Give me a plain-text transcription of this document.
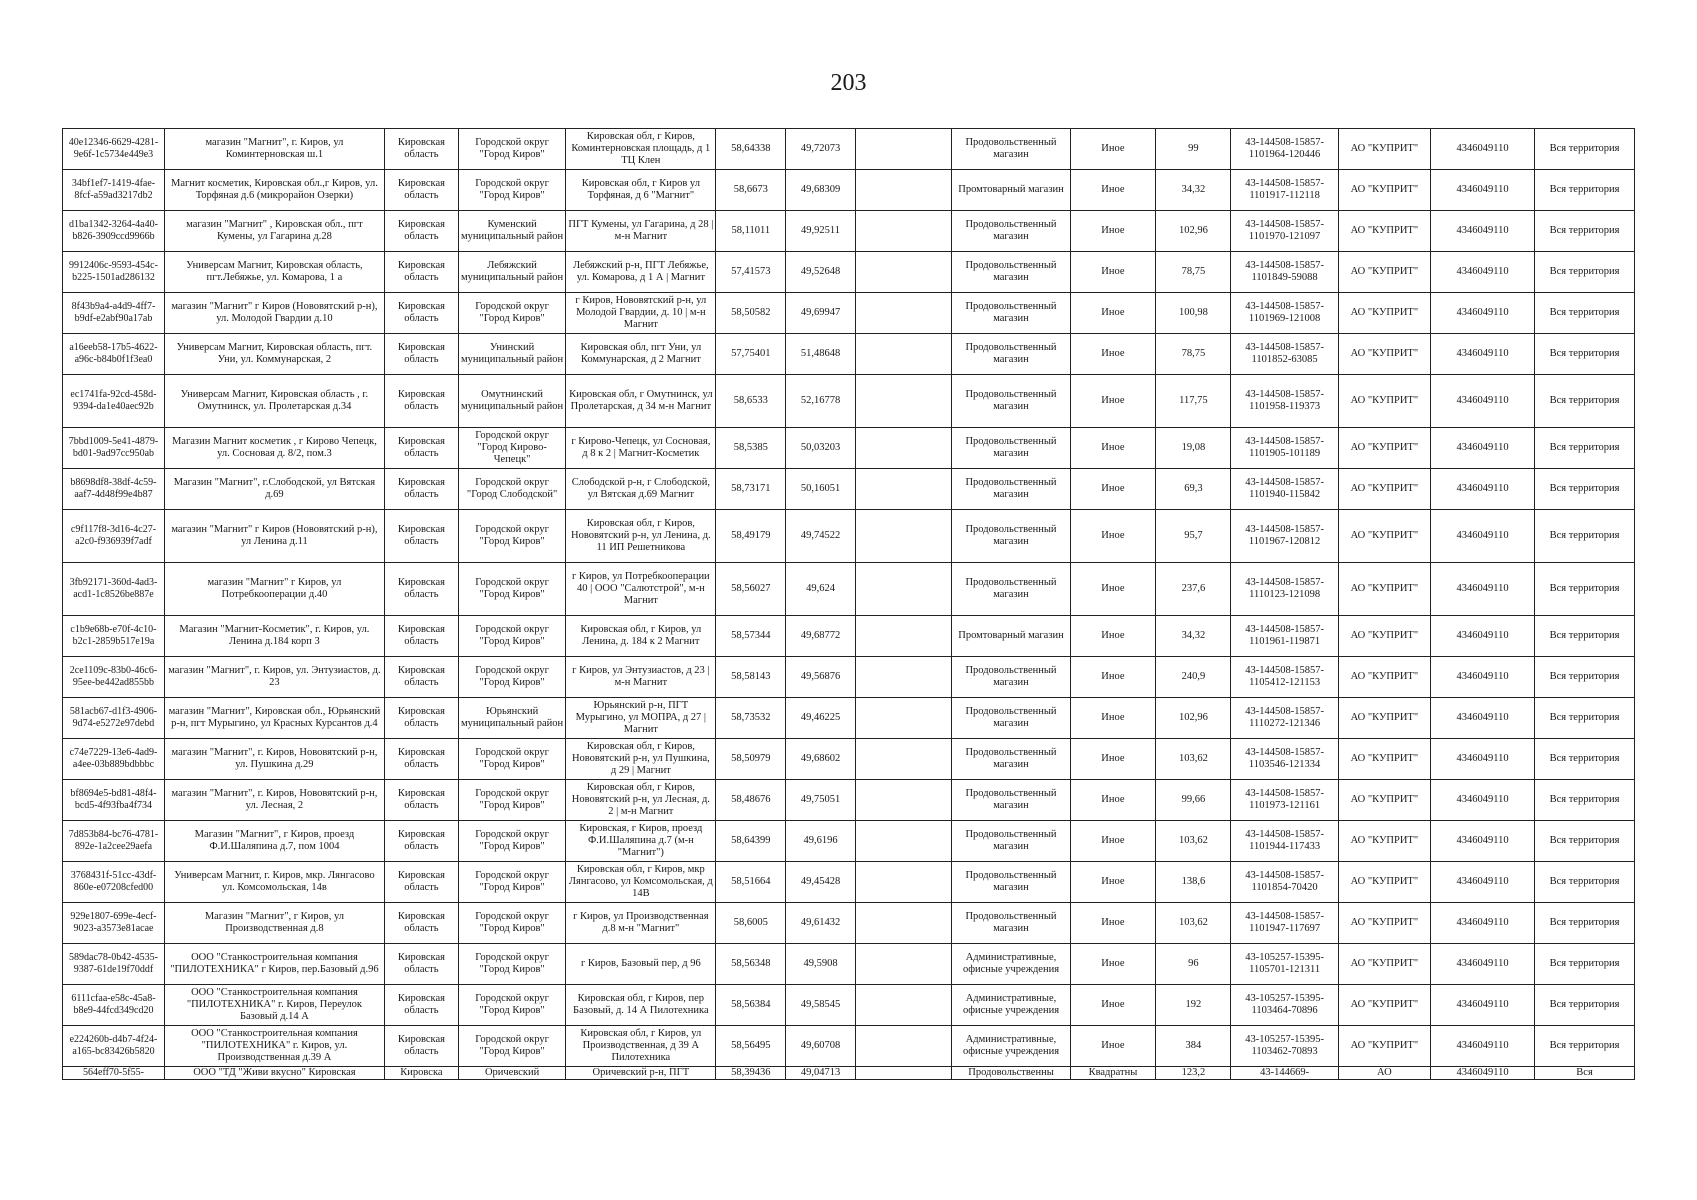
203
40e12346-6629-4281-9e6f-1c5734e449e3	магазин "Магнит", г. Киров, ул Коминтерновская ш.1	Кировская область	Городской округ "Город Киров"	Кировская обл, г Киров, Коминтерновская площадь, д 1 ТЦ Клен	58,64338	49,72073		Продовольственный магазин	Иное	99	43-144508-15857-1101964-120446	АО "КУПРИТ"	4346049110	Вся территория
34bf1ef7-1419-4fae-8fcf-a59ad3217db2	Магнит косметик, Кировская обл.,г Киров, ул. Торфяная д.6 (микрорайон Озерки)	Кировская область	Городской округ "Город Киров"	Кировская обл, г Киров ул Торфяная, д 6 "Магнит"	58,6673	49,68309		Промтоварный магазин	Иное	34,32	43-144508-15857-1101917-112118	АО "КУПРИТ"	4346049110	Вся территория
d1ba1342-3264-4a40-b826-3909ccd9966b	магазин "Магнит" , Кировская обл., пгт Кумены, ул Гагарина д.28	Кировская область	Куменский муниципальный район	ПГТ Кумены, ул Гагарина, д 28 | м-н Магнит	58,11011	49,92511		Продовольственный магазин	Иное	102,96	43-144508-15857-1101970-121097	АО "КУПРИТ"	4346049110	Вся территория
9912406c-9593-454c-b225-1501ad286132	Универсам Магнит, Кировская область, пгт.Лебяжье, ул. Комарова, 1 а	Кировская область	Лебяжский муниципальный район	Лебяжский р-н, ПГТ Лебяжье, ул. Комарова, д 1 А | Магнит	57,41573	49,52648		Продовольственный магазин	Иное	78,75	43-144508-15857-1101849-59088	АО "КУПРИТ"	4346049110	Вся территория
8f43b9a4-a4d9-4ff7-b9df-e2abf90a17ab	магазин "Магнит" г Киров (Нововятский р-н), ул. Молодой Гвардии д.10	Кировская область	Городской округ "Город Киров"	г Киров, Нововятский р-н, ул Молодой Гвардии, д. 10 | м-н Магнит	58,50582	49,69947		Продовольственный магазин	Иное	100,98	43-144508-15857-1101969-121008	АО "КУПРИТ"	4346049110	Вся территория
a16eeb58-17b5-4622-a96c-b84b0f1f3ea0	Универсам Магнит, Кировская область, пгт. Уни, ул. Коммунарская, 2	Кировская область	Унинский муниципальный район	Кировская обл, пгт Уни, ул Коммунарская, д 2 Магнит	57,75401	51,48648		Продовольственный магазин	Иное	78,75	43-144508-15857-1101852-63085	АО "КУПРИТ"	4346049110	Вся территория
ec1741fa-92cd-458d-9394-da1e40aec92b	Универсам Магнит, Кировская область , г. Омутнинск, ул. Пролетарская д.34	Кировская область	Омутнинский муниципальный район	Кировская обл, г Омутнинск, ул Пролетарская, д 34 м-н Магнит	58,6533	52,16778		Продовольственный магазин	Иное	117,75	43-144508-15857-1101958-119373	АО "КУПРИТ"	4346049110	Вся территория
7bbd1009-5e41-4879-bd01-9ad97cc950ab	Магазин Магнит косметик , г Кирово Чепецк, ул. Сосновая д. 8/2, пом.3	Кировская область	Городской округ "Город Кирово-Чепецк"	г Кирово-Чепецк, ул Сосновая, д 8 к 2 | Магнит-Косметик	58,5385	50,03203		Продовольственный магазин	Иное	19,08	43-144508-15857-1101905-101189	АО "КУПРИТ"	4346049110	Вся территория
b8698df8-38df-4c59-aaf7-4d48f99e4b87	Магазин "Магнит", г.Слободской, ул Вятская д.69	Кировская область	Городской округ "Город Слободской"	Слободской р-н, г Слободской, ул Вятская д.69 Магнит	58,73171	50,16051		Продовольственный магазин	Иное	69,3	43-144508-15857-1101940-115842	АО "КУПРИТ"	4346049110	Вся территория
c9f117f8-3d16-4c27-a2c0-f936939f7adf	магазин "Магнит" г Киров (Нововятский р-н), ул Ленина д.11	Кировская область	Городской округ "Город Киров"	Кировская обл, г Киров, Нововятский р-н, ул Ленина, д. 11 ИП Решетникова	58,49179	49,74522		Продовольственный магазин	Иное	95,7	43-144508-15857-1101967-120812	АО "КУПРИТ"	4346049110	Вся территория
3fb92171-360d-4ad3-acd1-1c8526be887e	магазин "Магнит" г Киров, ул Потребкооперации д.40	Кировская область	Городской округ "Город Киров"	г Киров, ул Потребкооперации 40 | ООО "Салютстрой", м-н Магнит	58,56027	49,624		Продовольственный магазин	Иное	237,6	43-144508-15857-1110123-121098	АО "КУПРИТ"	4346049110	Вся территория
c1b9e68b-e70f-4c10-b2c1-2859b517e19a	Магазин "Магнит-Косметик", г. Киров, ул. Ленина д.184 корп 3	Кировская область	Городской округ "Город Киров"	Кировская обл, г Киров, ул Ленина, д. 184 к 2 Магнит	58,57344	49,68772		Промтоварный магазин	Иное	34,32	43-144508-15857-1101961-119871	АО "КУПРИТ"	4346049110	Вся территория
2ce1109c-83b0-46c6-95ee-be442ad855bb	магазин "Магнит", г. Киров, ул. Энтузиастов, д. 23	Кировская область	Городской округ "Город Киров"	г Киров, ул Энтузиастов, д 23 | м-н Магнит	58,58143	49,56876		Продовольственный магазин	Иное	240,9	43-144508-15857-1105412-121153	АО "КУПРИТ"	4346049110	Вся территория
581acb67-d1f3-4906-9d74-e5272e97debd	магазин "Магнит", Кировская обл., Юрьянский р-н, пгт Мурыгино, ул Красных Курсантов д.4	Кировская область	Юрьянский муниципальный район	Юрьянский р-н, ПГТ Мурыгино, ул МОПРА, д 27 | Магнит	58,73532	49,46225		Продовольственный магазин	Иное	102,96	43-144508-15857-1110272-121346	АО "КУПРИТ"	4346049110	Вся территория
c74e7229-13e6-4ad9-a4ee-03b889bdbbbc	магазин "Магнит", г. Киров, Нововятский р-н, ул. Пушкина д.29	Кировская область	Городской округ "Город Киров"	Кировская обл, г Киров, Нововятский р-н, ул Пушкина, д 29 | Магнит	58,50979	49,68602		Продовольственный магазин	Иное	103,62	43-144508-15857-1103546-121334	АО "КУПРИТ"	4346049110	Вся территория
bf8694e5-bd81-48f4-bcd5-4f93fba4f734	магазин "Магнит", г. Киров, Нововятский р-н, ул. Лесная, 2	Кировская область	Городской округ "Город Киров"	Кировская обл, г Киров, Нововятский р-н, ул Лесная, д. 2 | м-н Магнит	58,48676	49,75051		Продовольственный магазин	Иное	99,66	43-144508-15857-1101973-121161	АО "КУПРИТ"	4346049110	Вся территория
7d853b84-bc76-4781-892e-1a2cee29aefa	Магазин "Магнит", г Киров, проезд Ф.И.Шаляпина д.7, пом 1004	Кировская область	Городской округ "Город Киров"	Кировская, г Киров, проезд Ф.И.Шаляпина д.7 (м-н "Магнит")	58,64399	49,6196		Продовольственный магазин	Иное	103,62	43-144508-15857-1101944-117433	АО "КУПРИТ"	4346049110	Вся территория
3768431f-51cc-43df-860e-e07208cfed00	Универсам Магнит, г. Киров, мкр. Лянгасово ул. Комсомольская, 14в	Кировская область	Городской округ "Город Киров"	Кировская обл, г Киров, мкр Лянгасово, ул Комсомольская, д 14В	58,51664	49,45428		Продовольственный магазин	Иное	138,6	43-144508-15857-1101854-70420	АО "КУПРИТ"	4346049110	Вся территория
929e1807-699e-4ecf-9023-a3573e81acae	Магазин "Магнит", г Киров, ул Производственная д.8	Кировская область	Городской округ "Город Киров"	г Киров, ул Производственная д.8 м-н "Магнит"	58,6005	49,61432		Продовольственный магазин	Иное	103,62	43-144508-15857-1101947-117697	АО "КУПРИТ"	4346049110	Вся территория
589dac78-0b42-4535-9387-61de19f70ddf	ООО "Станкостроительная компания "ПИЛОТЕХНИКА" г Киров, пер.Базовый д.96	Кировская область	Городской округ "Город Киров"	г Киров, Базовый пер, д 96	58,56348	49,5908		Административные, офисные учреждения	Иное	96	43-105257-15395-1105701-121311	АО "КУПРИТ"	4346049110	Вся территория
6111cfaa-e58c-45a8-b8e9-44fcd349cd20	ООО "Станкостроительная компания "ПИЛОТЕХНИКА" г. Киров, Переулок Базовый д.14 А	Кировская область	Городской округ "Город Киров"	Кировская обл, г Киров, пер Базовый, д. 14 А Пилотехника	58,56384	49,58545		Административные, офисные учреждения	Иное	192	43-105257-15395-1103464-70896	АО "КУПРИТ"	4346049110	Вся территория
e224260b-d4b7-4f24-a165-bc83426b5820	ООО "Станкостроительная компания "ПИЛОТЕХНИКА" г. Киров, ул. Производственная д.39 А	Кировская область	Городской округ "Город Киров"	Кировская обл, г Киров, ул Производственная, д 39 А Пилотехника	58,56495	49,60708		Административные, офисные учреждения	Иное	384	43-105257-15395-1103462-70893	АО "КУПРИТ"	4346049110	Вся территория
564eff70-5f55-	ООО "ТД "Живи вкусно" Кировская	Кировска	Оричевский	Оричевский р-н, ПГТ	58,39436	49,04713		Продовольственны	Квадратны	123,2	43-144669-	АО	4346049110	Вся
